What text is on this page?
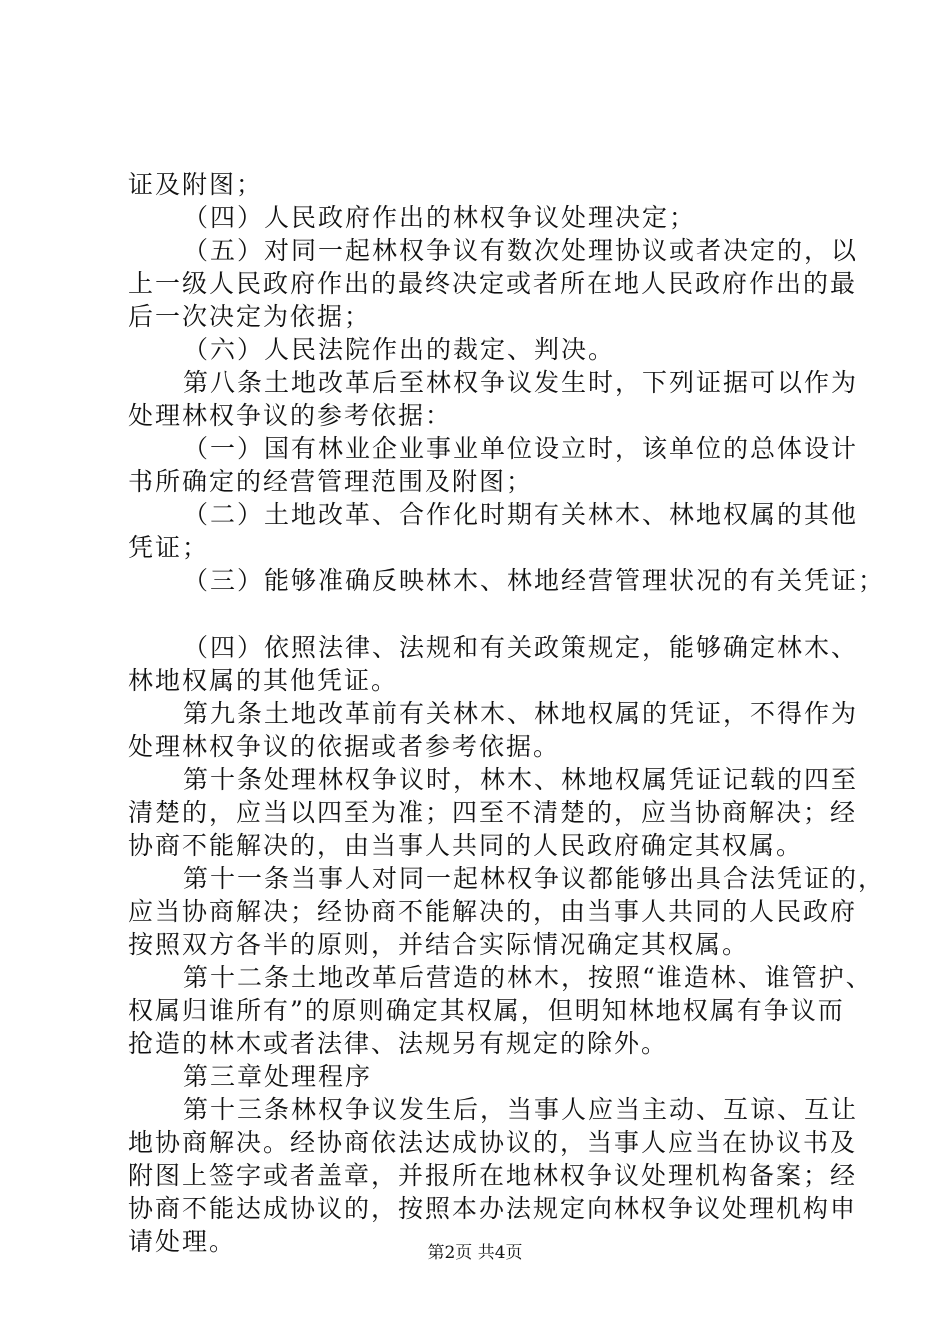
证及附图；
（四）人民政府作出的林权争议处理决定；
（五）对同一起林权争议有数次处理协议或者决定的，以
上一级人民政府作出的最终决定或者所在地人民政府作出的最
后一次决定为依据；
（六）人民法院作出的裁定、判决。
第八条土地改革后至林权争议发生时，下列证据可以作为
处理林权争议的参考依据：
（一）国有林业企业事业单位设立时，该单位的总体设计
书所确定的经营管理范围及附图；
（二）土地改革、合作化时期有关林木、林地权属的其他
凭证；
（三）能够准确反映林木、林地经营管理状况的有关凭证；
（四）依照法律、法规和有关政策规定，能够确定林木、
林地权属的其他凭证。
第九条土地改革前有关林木、林地权属的凭证，不得作为
处理林权争议的依据或者参考依据。
第十条处理林权争议时，林木、林地权属凭证记载的四至
清楚的，应当以四至为准；四至不清楚的，应当协商解决；经
协商不能解决的，由当事人共同的人民政府确定其权属。
第十一条当事人对同一起林权争议都能够出具合法凭证的，
应当协商解决；经协商不能解决的，由当事人共同的人民政府
按照双方各半的原则，并结合实际情况确定其权属。
第十二条土地改革后营造的林木，按照“谁造林、谁管护、
权属归谁所有”的原则确定其权属，但明知林地权属有争议而
抢造的林木或者法律、法规另有规定的除外。
第三章处理程序
第十三条林权争议发生后，当事人应当主动、互谅、互让
地协商解决。经协商依法达成协议的，当事人应当在协议书及
附图上签字或者盖章，并报所在地林权争议处理机构备案；经
协商不能达成协议的，按照本办法规定向林权争议处理机构申
请处理。	第2页 共4页
